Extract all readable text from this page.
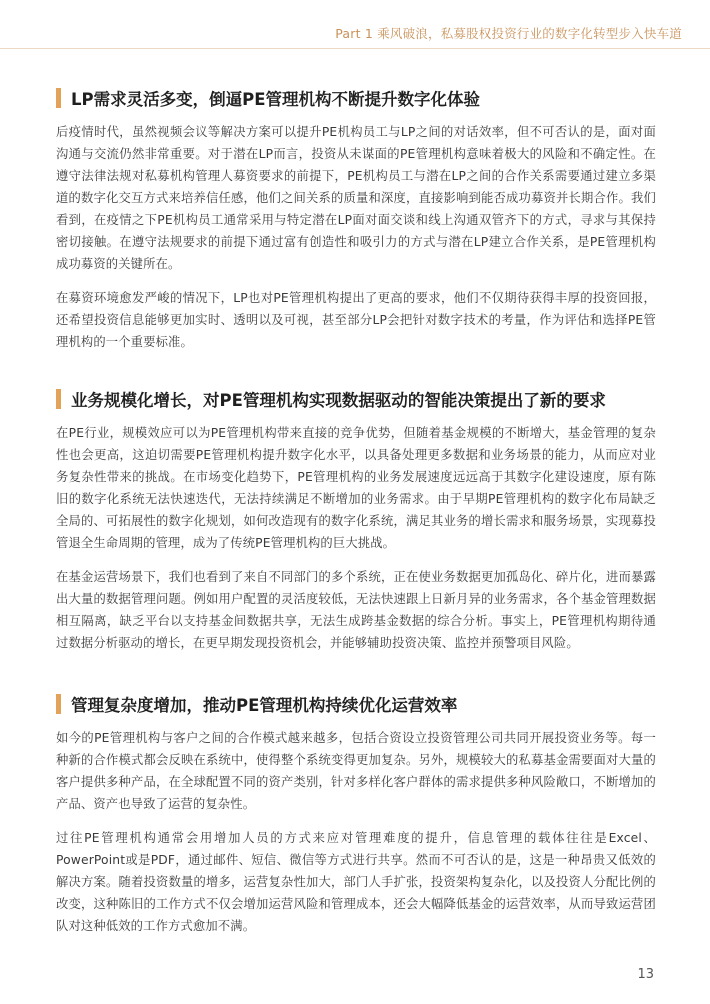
Part 1 乘风破浪，私募股权投资行业的数字化转型步入快车道
LP需求灵活多变，倒逼PE管理机构不断提升数字化体验

后疫情时代，虽然视频会议等解决方案可以提升PE机构员工与LP之间的对话效率，但不可否认的是，面对面沟通与交流仍然非常重要。对于潜在LP而言，投资从未谋面的PE管理机构意味着极大的风险和不确定性。在遵守法律法规对私募机构管理人募资要求的前提下，PE机构员工与潜在LP之间的合作关系需要通过建立多渠道的数字化交互方式来培养信任感，他们之间关系的质量和深度，直接影响到能否成功募资并长期合作。我们看到，在疫情之下PE机构员工通常采用与特定潜在LP面对面交谈和线上沟通双管齐下的方式，寻求与其保持密切接触。在遵守法规要求的前提下通过富有创造性和吸引力的方式与潜在LP建立合作关系，是PE管理机构成功募资的关键所在。

在募资环境愈发严峻的情况下，LP也对PE管理机构提出了更高的要求，他们不仅期待获得丰厚的投资回报，还希望投资信息能够更加实时、透明以及可视，甚至部分LP会把针对数字技术的考量，作为评估和选择PE管理机构的一个重要标准。

业务规模化增长，对PE管理机构实现数据驱动的智能决策提出了新的要求

在PE行业，规模效应可以为PE管理机构带来直接的竞争优势，但随着基金规模的不断增大，基金管理的复杂性也会更高，这迫切需要PE管理机构提升数字化水平，以具备处理更多数据和业务场景的能力，从而应对业务复杂性带来的挑战。在市场变化趋势下，PE管理机构的业务发展速度远远高于其数字化建设速度，原有陈旧的数字化系统无法快速迭代，无法持续满足不断增加的业务需求。由于早期PE管理机构的数字化布局缺乏全局的、可拓展性的数字化规划，如何改造现有的数字化系统，满足其业务的增长需求和服务场景，实现募投管退全生命周期的管理，成为了传统PE管理机构的巨大挑战。

在基金运营场景下，我们也看到了来自不同部门的多个系统，正在使业务数据更加孤岛化、碎片化，进而暴露出大量的数据管理问题。例如用户配置的灵活度较低，无法快速跟上日新月异的业务需求，各个基金管理数据相互隔离，缺乏平台以支持基金间数据共享，无法生成跨基金数据的综合分析。事实上，PE管理机构期待通过数据分析驱动的增长，在更早期发现投资机会，并能够辅助投资决策、监控并预警项目风险。

管理复杂度增加，推动PE管理机构持续优化运营效率

如今的PE管理机构与客户之间的合作模式越来越多，包括合资设立投资管理公司共同开展投资业务等。每一种新的合作模式都会反映在系统中，使得整个系统变得更加复杂。另外，规模较大的私募基金需要面对大量的客户提供多种产品，在全球配置不同的资产类别，针对多样化客户群体的需求提供多种风险敞口，不断增加的产品、资产也导致了运营的复杂性。

过往PE管理机构通常会用增加人员的方式来应对管理难度的提升，信息管理的载体往往是Excel、PowerPoint或是PDF，通过邮件、短信、微信等方式进行共享。然而不可否认的是，这是一种昂贵又低效的解决方案。随着投资数量的增多，运营复杂性加大，部门人手扩张，投资架构复杂化，以及投资人分配比例的改变，这种陈旧的工作方式不仅会增加运营风险和管理成本，还会大幅降低基金的运营效率，从而导致运营团队对这种低效的工作方式愈加不满。

13
